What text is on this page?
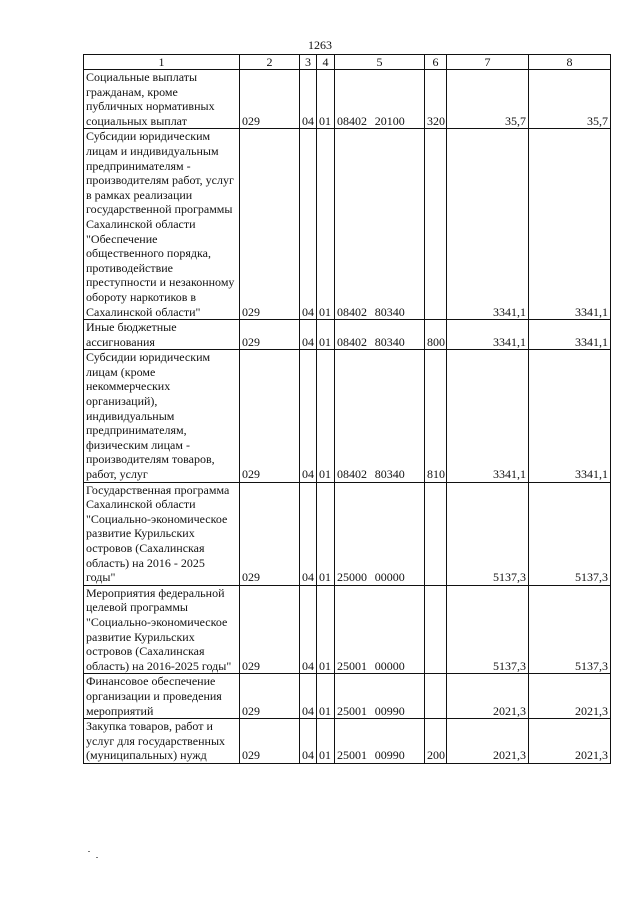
1263
1	2	3	4	5	6	7	8
Социальные выплаты гражданам, кроме публичных нормативных социальных выплат	029	04	01	08402 20100	320	35,7	35,7
Субсидии юридическим лицам и индивидуальным предпринимателям - производителям работ, услуг в рамках реализации государственной программы Сахалинской области "Обеспечение общественного порядка, противодействие преступности и незаконному обороту наркотиков в Сахалинской области"	029	04	01	08402 80340		3341,1	3341,1
Иные бюджетные ассигнования	029	04	01	08402 80340	800	3341,1	3341,1
Субсидии юридическим лицам (кроме некоммерческих организаций), индивидуальным предпринимателям, физическим лицам - производителям товаров, работ, услуг	029	04	01	08402 80340	810	3341,1	3341,1
Государственная программа Сахалинской области "Социально-экономическое развитие Курильских островов (Сахалинская область) на 2016 - 2025 годы"	029	04	01	25000 00000		5137,3	5137,3
Мероприятия федеральной целевой программы "Социально-экономическое развитие Курильских островов (Сахалинская область) на 2016-2025 годы"	029	04	01	25001 00000		5137,3	5137,3
Финансовое обеспечение организации и проведения мероприятий	029	04	01	25001 00990		2021,3	2021,3
Закупка товаров, работ и услуг для государственных (муниципальных) нужд	029	04	01	25001 00990	200	2021,3	2021,3
